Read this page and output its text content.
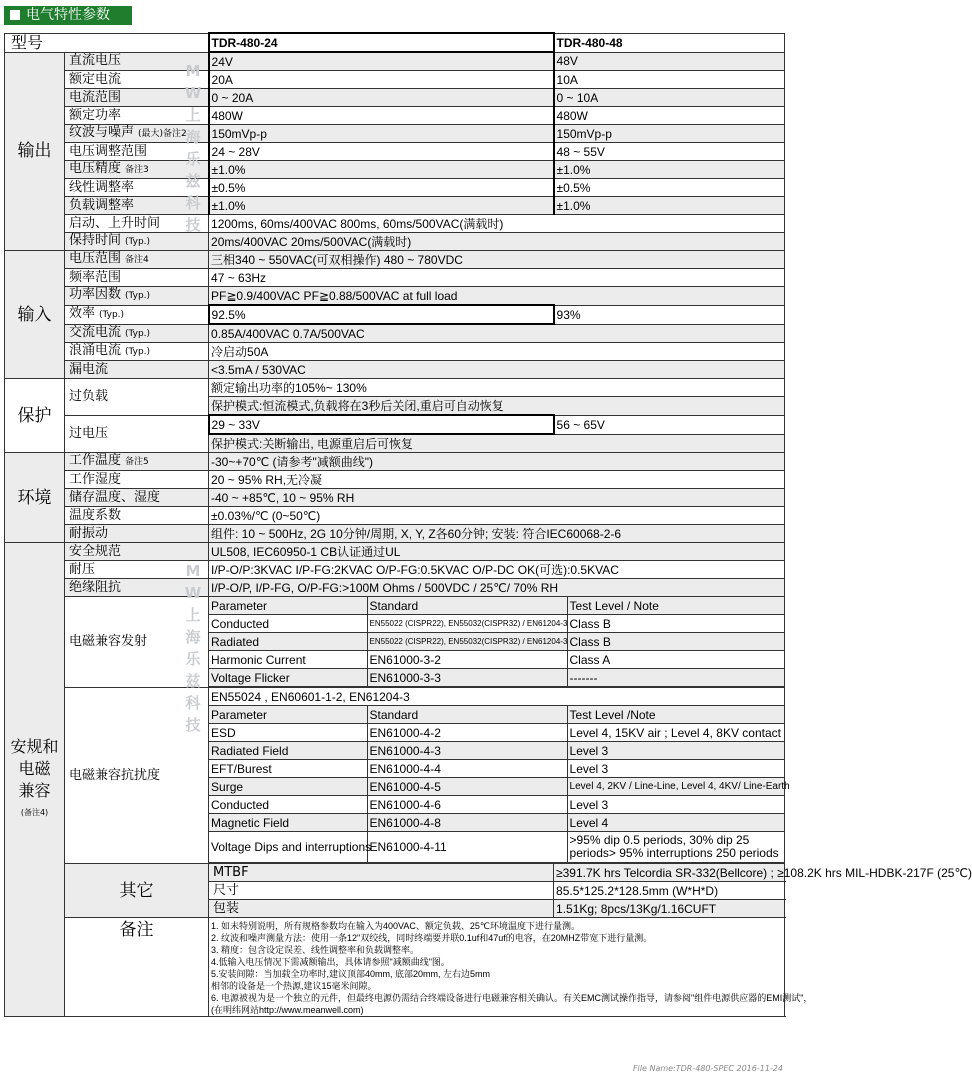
电气特性参数
型号	TDR-480-24	TDR-480-48
输出	直流电压	24V	48V
额定电流	20A	10A
电流范围	0 ~ 20A	0 ~ 10A
额定功率	480W	480W
纹波与噪声 (最大)备注2	150mVp-p	150mVp-p
电压调整范围	24 ~ 28V	48 ~ 55V
电压精度 备注3	±1.0%	±1.0%
线性调整率	±0.5%	±0.5%
负载调整率	±1.0%	±1.0%
启动、上升时间	1200ms, 60ms/400VAC 800ms, 60ms/500VAC(满载时)
保持时间 (Typ.)	20ms/400VAC 20ms/500VAC(满载时)
输入	电压范围 备注4	三相340 ~ 550VAC(可双相操作) 480 ~ 780VDC
频率范围	47 ~ 63Hz
功率因数 (Typ.)	PF≧0.9/400VAC PF≧0.88/500VAC at full load
效率 (Typ.)	92.5%	93%
交流电流 (Typ.)	0.85A/400VAC 0.7A/500VAC
浪涌电流 (Typ.)	冷启动50A
漏电流	<3.5mA / 530VAC
保护	过负载	额定输出功率的105%~ 130%
保护模式:恒流模式,负载将在3秒后关闭,重启可自动恢复
过电压	29 ~ 33V	56 ~ 65V
保护模式:关断输出, 电源重启后可恢复
环境	工作温度 备注5	-30~+70℃ (请参考"减额曲线")
工作湿度	20 ~ 95% RH,无冷凝
储存温度、湿度	-40 ~ +85℃, 10 ~ 95% RH
温度系数	±0.03%/℃ (0~50℃)
耐振动	组件: 10 ~ 500Hz, 2G 10分钟/周期, X, Y, Z各60分钟; 安装: 符合IEC60068-2-6

安规和
电磁
兼容
(备注4)
	安全规范	UL508, IEC60950-1 CB认证通过UL
耐压	I/P-O/P:3KVAC I/P-FG:2KVAC O/P-FG:0.5KVAC O/P-DC OK(可选):0.5KVAC
绝缘阻抗	I/P-O/P, I/P-FG, O/P-FG:>100M Ohms / 500VDC / 25℃/ 70% RH
电磁兼容发射	
Parameter	Standard	Test Level / Note
Conducted	EN55022 (CISPR22), EN55032(CISPR32) / EN61204-3	Class B
Radiated	EN55022 (CISPR22), EN55032(CISPR32) / EN61204-3	Class B
Harmonic Current	EN61000-3-2	Class A
Voltage Flicker	EN61000-3-3	-------

电磁兼容抗扰度	
EN55024 , EN60601-1-2, EN61204-3
Parameter	Standard	Test Level /Note
ESD	EN61000-4-2	Level 4, 15KV air ; Level 4, 8KV contact
Radiated Field	EN61000-4-3	Level 3
EFT/Burest	EN61000-4-4	Level 3
Surge	EN61000-4-5	Level 4, 2KV / Line-Line, Level 4, 4KV/ Line-Earth
Conducted	EN61000-4-6	Level 3
Magnetic Field	EN61000-4-8	Level 4
Voltage Dips and interruptions	EN61000-4-11	>95% dip 0.5 periods, 30% dip 25
periods> 95% interruptions 250 periods

其它	MTBF	≥391.7K hrs Telcordia SR-332(Bellcore) ; ≥108.2K hrs MIL-HDBK-217F (25℃)
尺寸	85.5*125.2*128.5mm (W*H*D)
包装	1.51Kg; 8pcs/13Kg/1.16CUFT
备注	1. 如未特别说明，所有规格参数均在输入为400VAC、额定负载、25℃环境温度下进行量测。
2. 纹波和噪声测量方法：使用一条12"双绞线，同时终端要并联0.1uf和47uf的电容，在20MHZ带宽下进行量测。
3. 精度：包含设定误差、线性调整率和负载调整率。
4.低输入电压情况下需减额输出，具体请参照"减额曲线"图。
5.安装间隙：当加载全功率时,建议顶部40mm, 底部20mm, 左右边5mm
相邻的设备是一个热源,建议15毫米间隙。
6. 电源被视为是一个独立的元件，但最终电源仍需结合终端设备进行电磁兼容相关确认。有关EMC测试操作指导，请参阅"组件电源供应器的EMI测试"，
(在明纬网站http://www.meanwell.com)
MW 上海乐兹科技
MW 上海乐兹科技
File Name:TDR-480-SPEC 2016-11-24
